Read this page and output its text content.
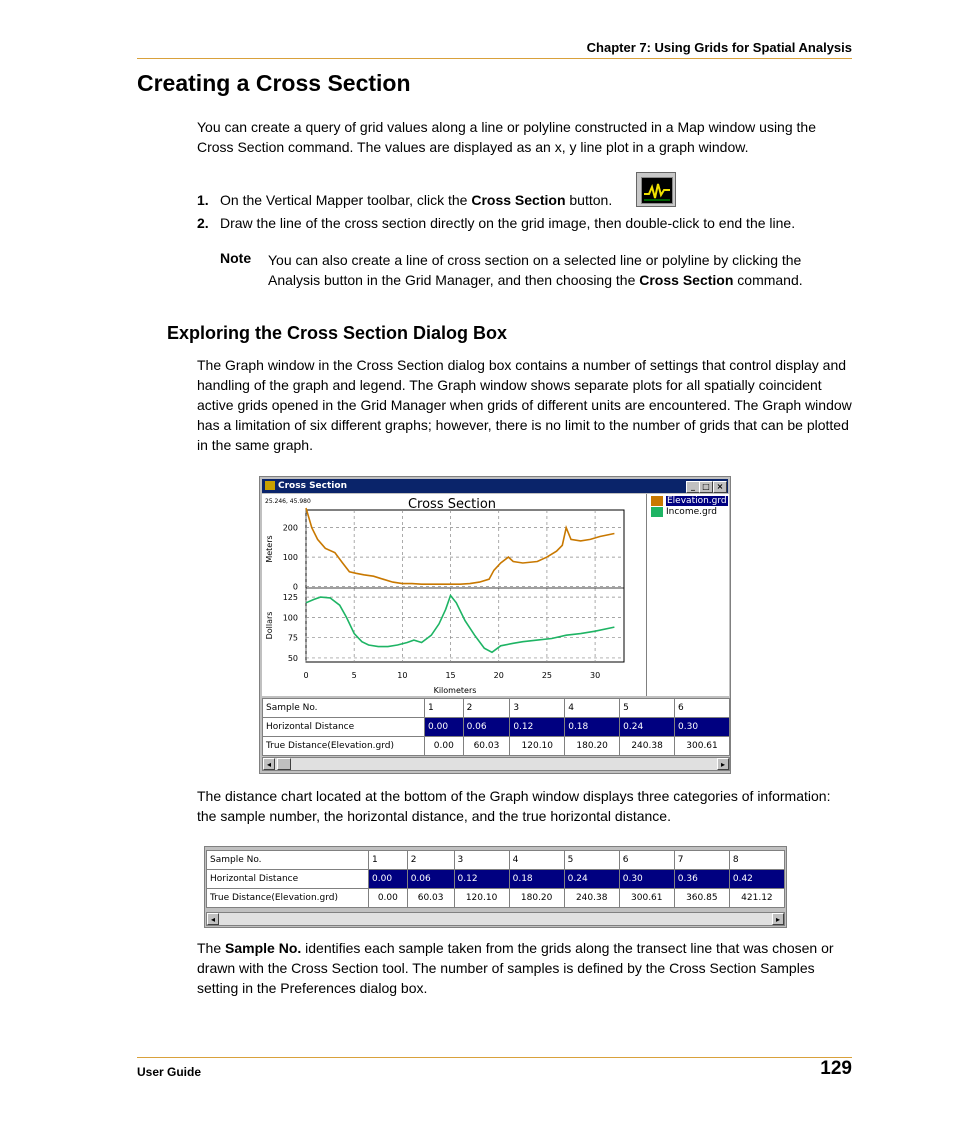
Chapter 7: Using Grids for Spatial Analysis
Creating a Cross Section

You can create a query of grid values along a line or polyline constructed in a Map window using the Cross Section command. The values are displayed as an x, y line plot in a graph window.

1. On the Vertical Mapper toolbar, click the Cross Section button.
2. Draw the line of the cross section directly on the grid image, then double-click to end the line.
Note You can also create a line of cross section on a selected line or polyline by clicking the Analysis button in the Grid Manager, and then choosing the Cross Section command.
Exploring the Cross Section Dialog Box

The Graph window in the Cross Section dialog box contains a number of settings that control display and handling of the graph and legend. The Graph window shows separate plots for all spatially coincident active grids opened in the Grid Manager when grids of different units are encountered. The Graph window has a limitation of six different graphs; however, there is no limit to the number of grids that can be plotted in the same graph.

Cross Section	_ □ ×
Cross Section
25.246, 45.980
0	5	10	15	20	25	30
Kilometers
0
100
200
Meters
50
75
100
125
Dollars
Elevation.grd
Income.grd
Sample No.	1	2	3	4	5	6
Horizontal Distance	0.00	0.06	0.12	0.18	0.24	0.30
True Distance(Elevation.grd)	0.00	60.03	120.10	180.20	240.38	300.61
◂	▸

The distance chart located at the bottom of the Graph window displays three categories of information: the sample number, the horizontal distance, and the true horizontal distance.

Sample No.	1	2	3	4	5	6	7	8
Horizontal Distance	0.00	0.06	0.12	0.18	0.24	0.30	0.36	0.42
True Distance(Elevation.grd)	0.00	60.03	120.10	180.20	240.38	300.61	360.85	421.12
◂	▸

The Sample No. identifies each sample taken from the grids along the transect line that was chosen or drawn with the Cross Section tool. The number of samples is defined by the Cross Section Samples setting in the Preferences dialog box.

User Guide	129
